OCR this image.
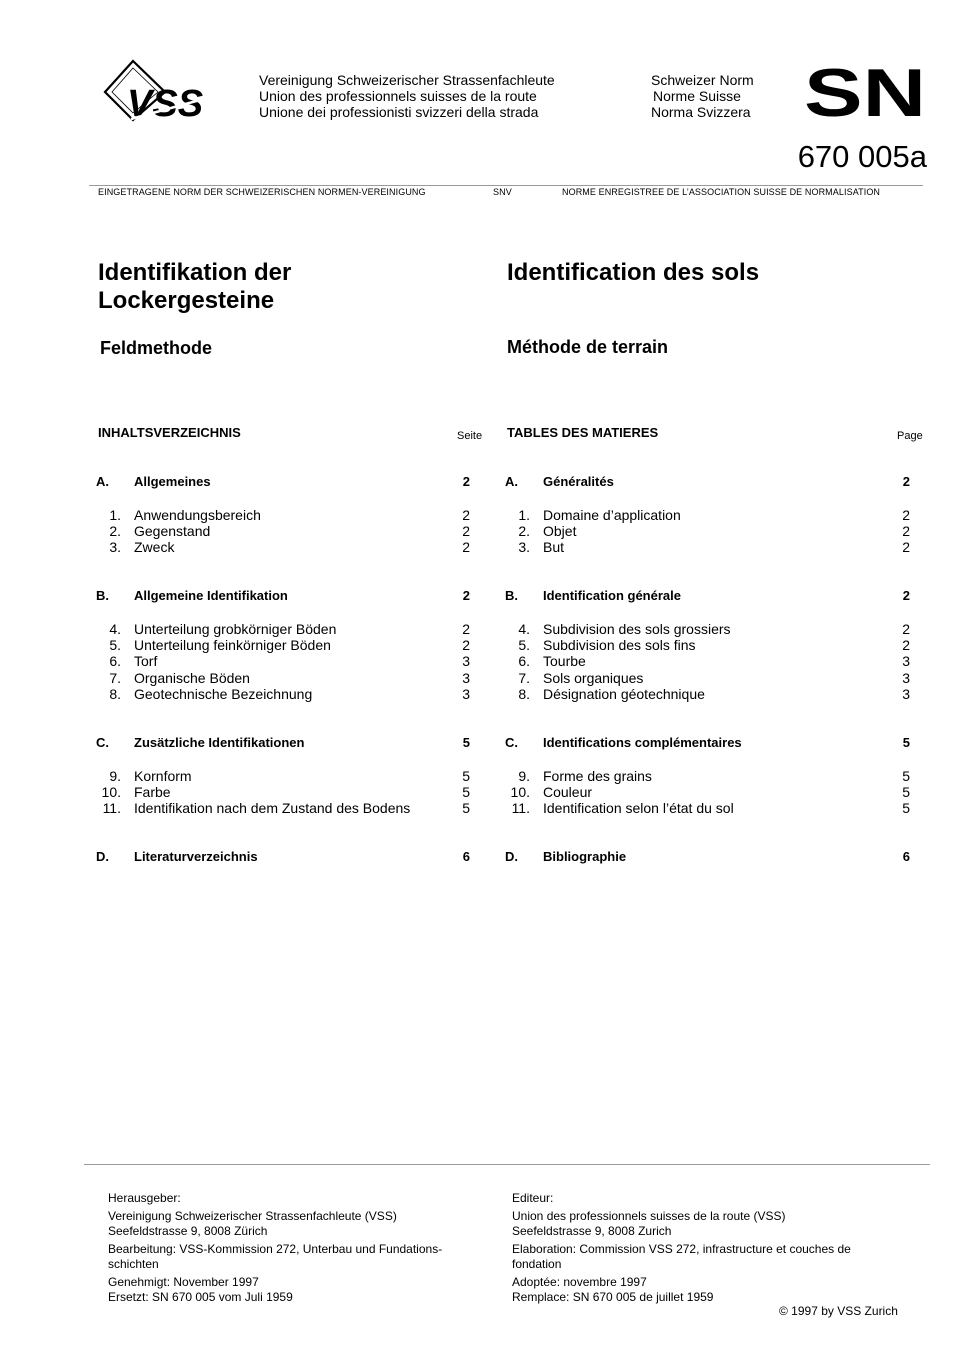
VSS
Vereinigung Schweizerischer Strassenfachleute
Union des professionnels suisses de la route
Unione dei professionisti svizzeri della strada
Schweizer Norm
Norme Suisse
Norma Svizzera SN
670 005a
EINGETRAGENE NORM DER SCHWEIZERISCHEN NORMEN-VEREINIGUNG	SNV	NORME ENREGISTREE DE L’ASSOCIATION SUISSE DE NORMALISATION
Identifikation der
Lockergesteine
Identification des sols
Feldmethode	Méthode de terrain
INHALTSVERZEICHNIS	Seite TABLES DES MATIERES	Page
A. Allgemeines	2
1. Anwendungsbereich	2
2. Gegenstand	2
3. Zweck	2
B. Allgemeine Identifikation	2
4. Unterteilung grobkörniger Böden	2
5. Unterteilung feinkörniger Böden	2
6. Torf	3
7. Organische Böden	3
8. Geotechnische Bezeichnung	3
C. Zusätzliche Identifikationen	5
9. Kornform	5
10. Farbe	5
11. Identifikation nach dem Zustand des Bodens	5
D. Literaturverzeichnis	6
A. Généralités	2
1. Domaine d’application	2
2. Objet	2
3. But	2
B. Identification générale	2
4. Subdivision des sols grossiers	2
5. Subdivision des sols fins	2
6. Tourbe	3
7. Sols organiques	3
8. Désignation géotechnique	3
C. Identifications complémentaires	5
9. Forme des grains	5
10. Couleur	5
11. Identification selon l’état du sol	5
D. Bibliographie	6
Herausgeber:
Vereinigung Schweizerischer Strassenfachleute (VSS)
Seefeldstrasse 9, 8008 Zürich
Bearbeitung: VSS-Kommission 272, Unterbau und Fundations-
schichten
Genehmigt: November 1997
Ersetzt: SN 670 005 vom Juli 1959
Editeur:
Union des professionnels suisses de la route (VSS)
Seefeldstrasse 9, 8008 Zurich
Elaboration: Commission VSS 272, infrastructure et couches de
fondation
Adoptée: novembre 1997
Remplace: SN 670 005 de juillet 1959
© 1997 by VSS Zurich
